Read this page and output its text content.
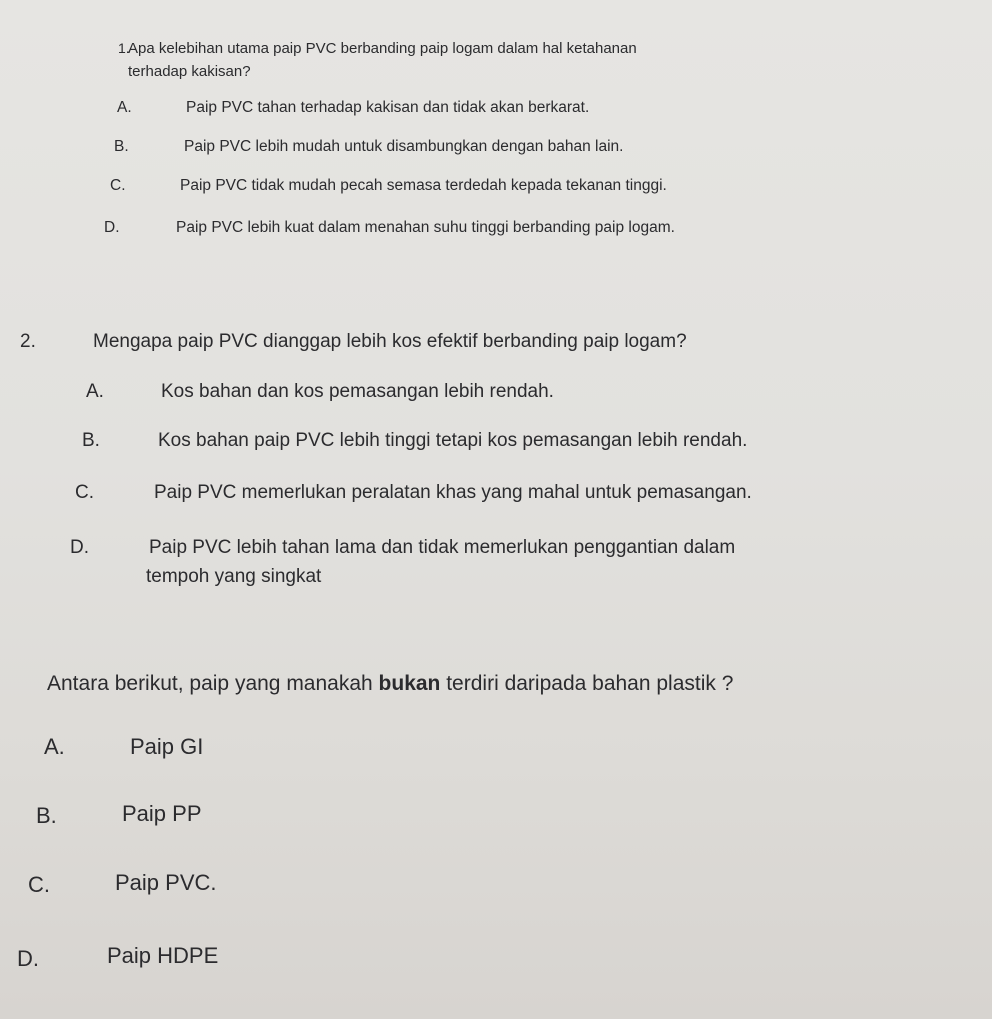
1.
Apa kelebihan utama paip PVC berbanding paip logam dalam hal ketahanan
terhadap kakisan?
A.	Paip PVC tahan terhadap kakisan dan tidak akan berkarat.
B.	Paip PVC lebih mudah untuk disambungkan dengan bahan lain.
C.	Paip PVC tidak mudah pecah semasa terdedah kepada tekanan tinggi.
D.	Paip PVC lebih kuat dalam menahan suhu tinggi berbanding paip logam.
2.	Mengapa paip PVC dianggap lebih kos efektif berbanding paip logam?
A.	Kos bahan dan kos pemasangan lebih rendah.
B.	Kos bahan paip PVC lebih tinggi tetapi kos pemasangan lebih rendah.
C.	Paip PVC memerlukan peralatan khas yang mahal untuk pemasangan.
D.	Paip PVC lebih tahan lama dan tidak memerlukan penggantian dalam
tempoh yang singkat
Antara berikut, paip yang manakah bukan terdiri daripada bahan plastik ?
A.	Paip GI
B.	Paip PP
C.	Paip PVC.
D.	Paip HDPE
